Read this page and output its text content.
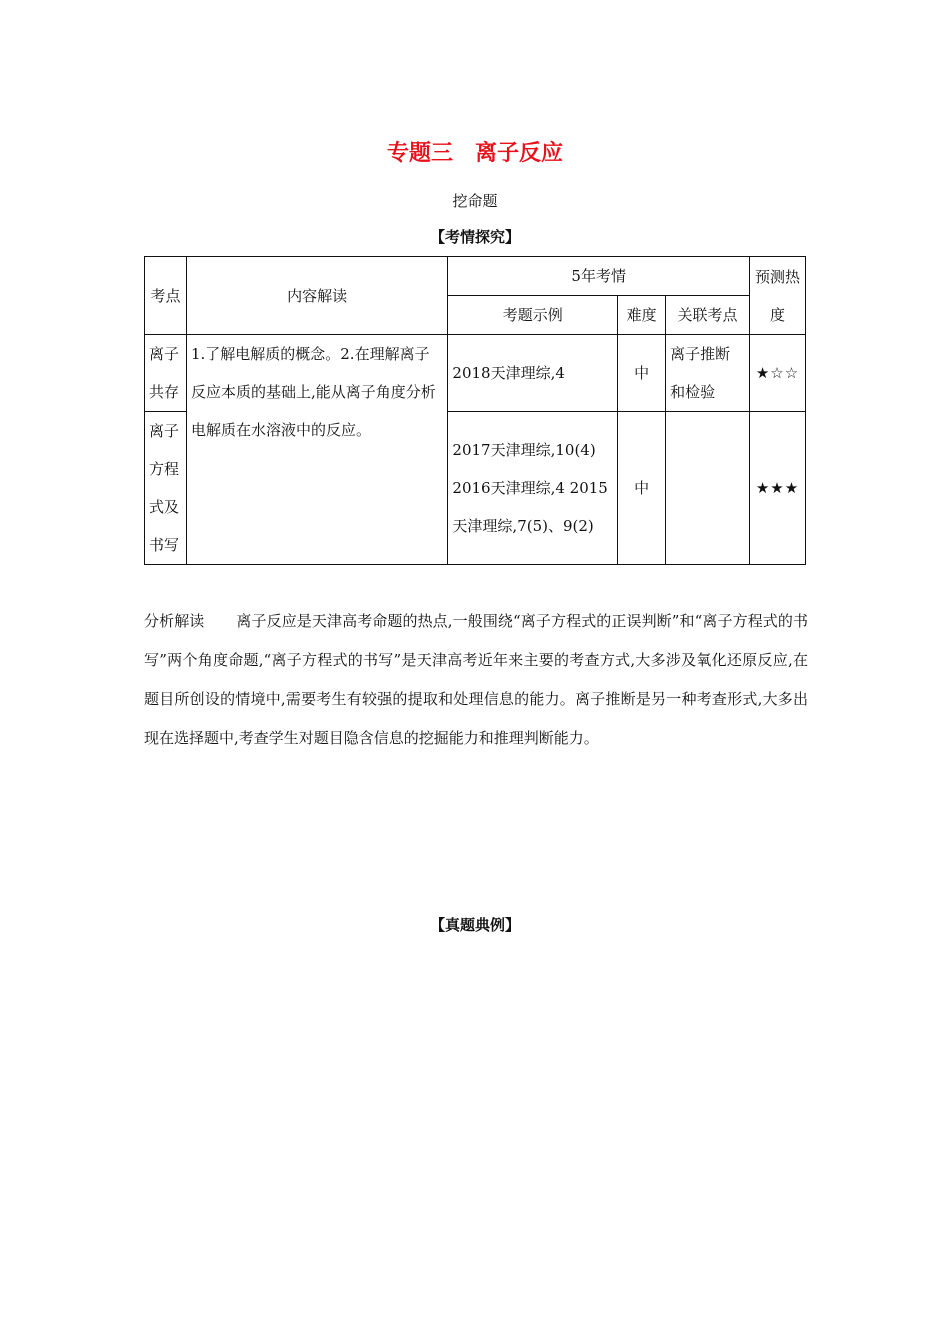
专题三　离子反应
挖命题
【考情探究】
考点	内容解读	5年考情			预测热度
		考题示例	难度	关联考点	
离子共存	1.了解电解质的概念。2.在理解离子反应本质的基础上,能从离子角度分析电解质在水溶液中的反应。	2018天津理综,4	中	离子推断和检验	★☆☆
离子方程式及书写		2017天津理综,10(4) 2016天津理综,4 2015天津理综,7(5)、9(2)	中		★★★
分析解读 离子反应是天津高考命题的热点,一般围绕“离子方程式的正误判断”和“离子方程式的书写”两个角度命题,“离子方程式的书写”是天津高考近年来主要的考查方式,大多涉及氧化还原反应,在题目所创设的情境中,需要考生有较强的提取和处理信息的能力。离子推断是另一种考查形式,大多出现在选择题中,考查学生对题目隐含信息的挖掘能力和推理判断能力。
【真题典例】
